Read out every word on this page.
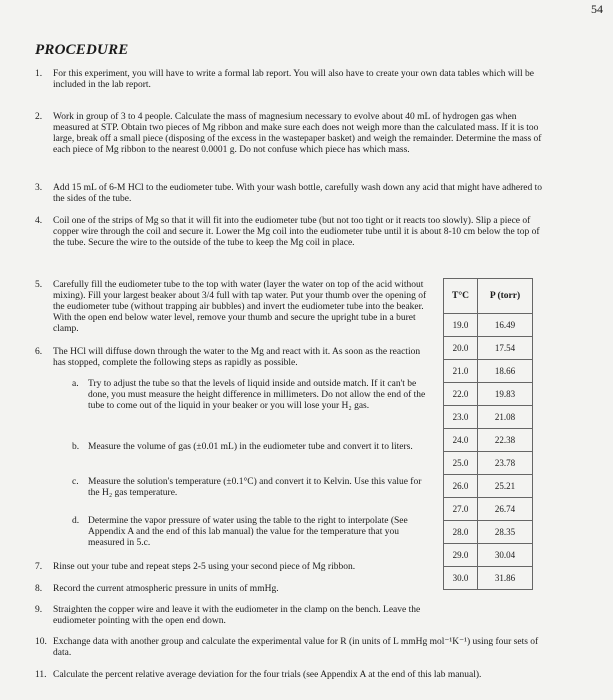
54
PROCEDURE
1. For this experiment, you will have to write a formal lab report. You will also have to create your own data tables which will be included in the lab report.
2. Work in group of 3 to 4 people. Calculate the mass of magnesium necessary to evolve about 40 mL of hydrogen gas when measured at STP. Obtain two pieces of Mg ribbon and make sure each does not weigh more than the calculated mass. If it is too large, break off a small piece (disposing of the excess in the wastepaper basket) and weigh the remainder. Determine the mass of each piece of Mg ribbon to the nearest 0.0001 g. Do not confuse which piece has which mass.
3. Add 15 mL of 6-M HCl to the eudiometer tube. With your wash bottle, carefully wash down any acid that might have adhered to the sides of the tube.
4. Coil one of the strips of Mg so that it will fit into the eudiometer tube (but not too tight or it reacts too slowly). Slip a piece of copper wire through the coil and secure it. Lower the Mg coil into the eudiometer tube until it is about 8-10 cm below the top of the tube. Secure the wire to the outside of the tube to keep the Mg coil in place.
5. Carefully fill the eudiometer tube to the top with water (layer the water on top of the acid without mixing). Fill your largest beaker about 3/4 full with tap water. Put your thumb over the opening of the eudiometer tube (without trapping air bubbles) and invert the eudiometer tube into the beaker. With the open end below water level, remove your thumb and secure the upright tube in a buret clamp.
6. The HCl will diffuse down through the water to the Mg and react with it. As soon as the reaction has stopped, complete the following steps as rapidly as possible.
a. Try to adjust the tube so that the levels of liquid inside and outside match. If it can't be done, you must measure the height difference in millimeters. Do not allow the end of the tube to come out of the liquid in your beaker or you will lose your H₂ gas.
b. Measure the volume of gas (±0.01 mL) in the eudiometer tube and convert it to liters.
c. Measure the solution's temperature (±0.1°C) and convert it to Kelvin. Use this value for the H₂ gas temperature.
d. Determine the vapor pressure of water using the table to the right to interpolate (See Appendix A and the end of this lab manual) the value for the temperature that you measured in 5.c.
7. Rinse out your tube and repeat steps 2-5 using your second piece of Mg ribbon.
8. Record the current atmospheric pressure in units of mmHg.
9. Straighten the copper wire and leave it with the eudiometer in the clamp on the bench. Leave the eudiometer pointing with the open end down.
10. Exchange data with another group and calculate the experimental value for R (in units of L mmHg mol⁻¹K⁻¹) using four sets of data.
11. Calculate the percent relative average deviation for the four trials (see Appendix A at the end of this lab manual).
T°C	P (torr)
19.0	16.49
20.0	17.54
21.0	18.66
22.0	19.83
23.0	21.08
24.0	22.38
25.0	23.78
26.0	25.21
27.0	26.74
28.0	28.35
29.0	30.04
30.0	31.86
